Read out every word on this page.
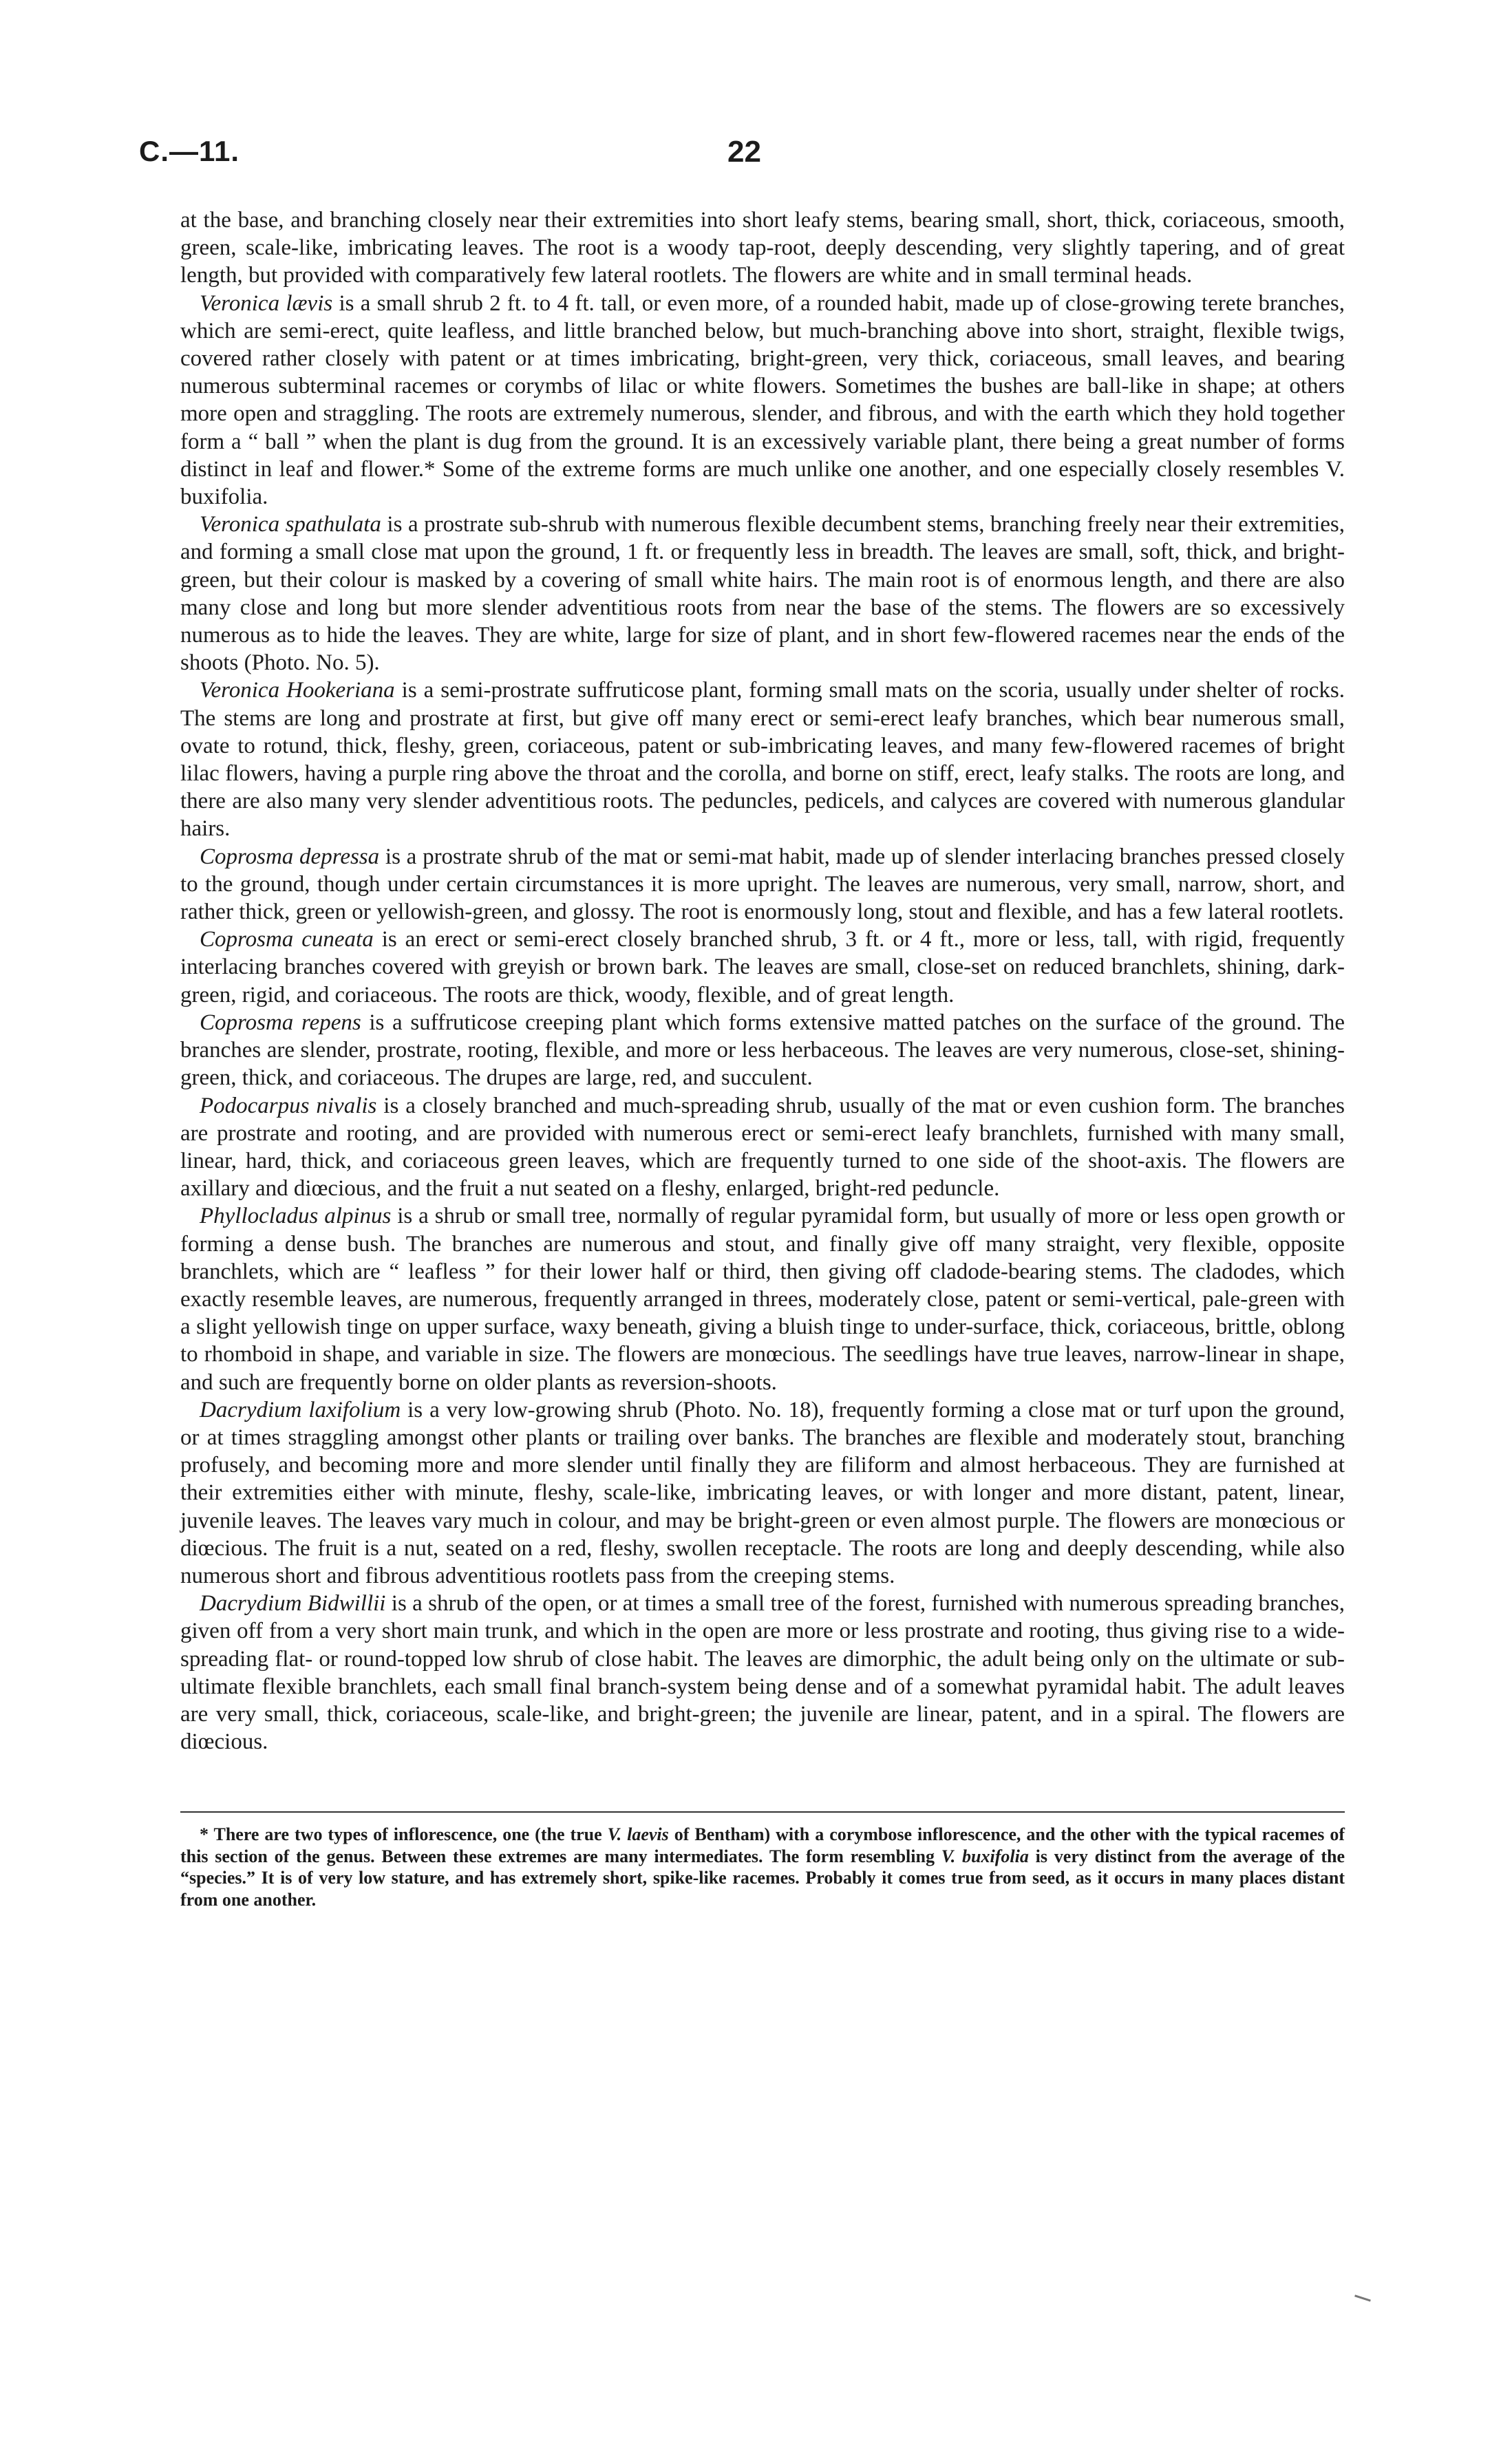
C.—11.	22

at the base, and branching closely near their extremities into short leafy stems, bearing small, short, thick, coriaceous, smooth, green, scale-like, imbricating leaves. The root is a woody tap-root, deeply descending, very slightly tapering, and of great length, but provided with comparatively few lateral rootlets. The flowers are white and in small terminal heads.

Veronica lævis is a small shrub 2 ft. to 4 ft. tall, or even more, of a rounded habit, made up of close-growing terete branches, which are semi-erect, quite leafless, and little branched below, but much-branching above into short, straight, flexible twigs, covered rather closely with patent or at times imbricating, bright-green, very thick, coriaceous, small leaves, and bearing numerous subterminal racemes or corymbs of lilac or white flowers. Sometimes the bushes are ball-like in shape; at others more open and straggling. The roots are extremely numerous, slender, and fibrous, and with the earth which they hold together form a “ ball ” when the plant is dug from the ground. It is an excessively variable plant, there being a great number of forms distinct in leaf and flower.* Some of the extreme forms are much unlike one another, and one especially closely resembles V. buxifolia.

Veronica spathulata is a prostrate sub-shrub with numerous flexible decumbent stems, branching freely near their extremities, and forming a small close mat upon the ground, 1 ft. or frequently less in breadth. The leaves are small, soft, thick, and bright-green, but their colour is masked by a covering of small white hairs. The main root is of enormous length, and there are also many close and long but more slender adventitious roots from near the base of the stems. The flowers are so excessively numerous as to hide the leaves. They are white, large for size of plant, and in short few-flowered racemes near the ends of the shoots (Photo. No. 5).

Veronica Hookeriana is a semi-prostrate suffruticose plant, forming small mats on the scoria, usually under shelter of rocks. The stems are long and prostrate at first, but give off many erect or semi-erect leafy branches, which bear numerous small, ovate to rotund, thick, fleshy, green, coriaceous, patent or sub-imbricating leaves, and many few-flowered racemes of bright lilac flowers, having a purple ring above the throat and the corolla, and borne on stiff, erect, leafy stalks. The roots are long, and there are also many very slender adventitious roots. The peduncles, pedicels, and calyces are covered with numerous glandular hairs.

Coprosma depressa is a prostrate shrub of the mat or semi-mat habit, made up of slender interlacing branches pressed closely to the ground, though under certain circumstances it is more upright. The leaves are numerous, very small, narrow, short, and rather thick, green or yellowish-green, and glossy. The root is enormously long, stout and flexible, and has a few lateral rootlets.

Coprosma cuneata is an erect or semi-erect closely branched shrub, 3 ft. or 4 ft., more or less, tall, with rigid, frequently interlacing branches covered with greyish or brown bark. The leaves are small, close-set on reduced branchlets, shining, dark-green, rigid, and coriaceous. The roots are thick, woody, flexible, and of great length.

Coprosma repens is a suffruticose creeping plant which forms extensive matted patches on the surface of the ground. The branches are slender, prostrate, rooting, flexible, and more or less herbaceous. The leaves are very numerous, close-set, shining-green, thick, and coriaceous. The drupes are large, red, and succulent.

Podocarpus nivalis is a closely branched and much-spreading shrub, usually of the mat or even cushion form. The branches are prostrate and rooting, and are provided with numerous erect or semi-erect leafy branchlets, furnished with many small, linear, hard, thick, and coriaceous green leaves, which are frequently turned to one side of the shoot-axis. The flowers are axillary and diœcious, and the fruit a nut seated on a fleshy, enlarged, bright-red peduncle.

Phyllocladus alpinus is a shrub or small tree, normally of regular pyramidal form, but usually of more or less open growth or forming a dense bush. The branches are numerous and stout, and finally give off many straight, very flexible, opposite branchlets, which are “ leafless ” for their lower half or third, then giving off cladode-bearing stems. The cladodes, which exactly resemble leaves, are numerous, frequently arranged in threes, moderately close, patent or semi-vertical, pale-green with a slight yellowish tinge on upper surface, waxy beneath, giving a bluish tinge to under-surface, thick, coriaceous, brittle, oblong to rhomboid in shape, and variable in size. The flowers are monœcious. The seedlings have true leaves, narrow-linear in shape, and such are frequently borne on older plants as reversion-shoots.

Dacrydium laxifolium is a very low-growing shrub (Photo. No. 18), frequently forming a close mat or turf upon the ground, or at times straggling amongst other plants or trailing over banks. The branches are flexible and moderately stout, branching profusely, and becoming more and more slender until finally they are filiform and almost herbaceous. They are furnished at their extremities either with minute, fleshy, scale-like, imbricating leaves, or with longer and more distant, patent, linear, juvenile leaves. The leaves vary much in colour, and may be bright-green or even almost purple. The flowers are monœcious or diœcious. The fruit is a nut, seated on a red, fleshy, swollen receptacle. The roots are long and deeply descending, while also numerous short and fibrous adventitious rootlets pass from the creeping stems.

Dacrydium Bidwillii is a shrub of the open, or at times a small tree of the forest, furnished with numerous spreading branches, given off from a very short main trunk, and which in the open are more or less prostrate and rooting, thus giving rise to a wide-spreading flat- or round-topped low shrub of close habit. The leaves are dimorphic, the adult being only on the ultimate or sub-ultimate flexible branchlets, each small final branch-system being dense and of a somewhat pyramidal habit. The adult leaves are very small, thick, coriaceous, scale-like, and bright-green; the juvenile are linear, patent, and in a spiral. The flowers are diœcious.

* There are two types of inflorescence, one (the true V. laevis of Bentham) with a corymbose inflorescence, and the other with the typical racemes of this section of the genus. Between these extremes are many intermediates. The form resembling V. buxifolia is very distinct from the average of the “species.” It is of very low stature, and has extremely short, spike-like racemes. Probably it comes true from seed, as it occurs in many places distant from one another.
